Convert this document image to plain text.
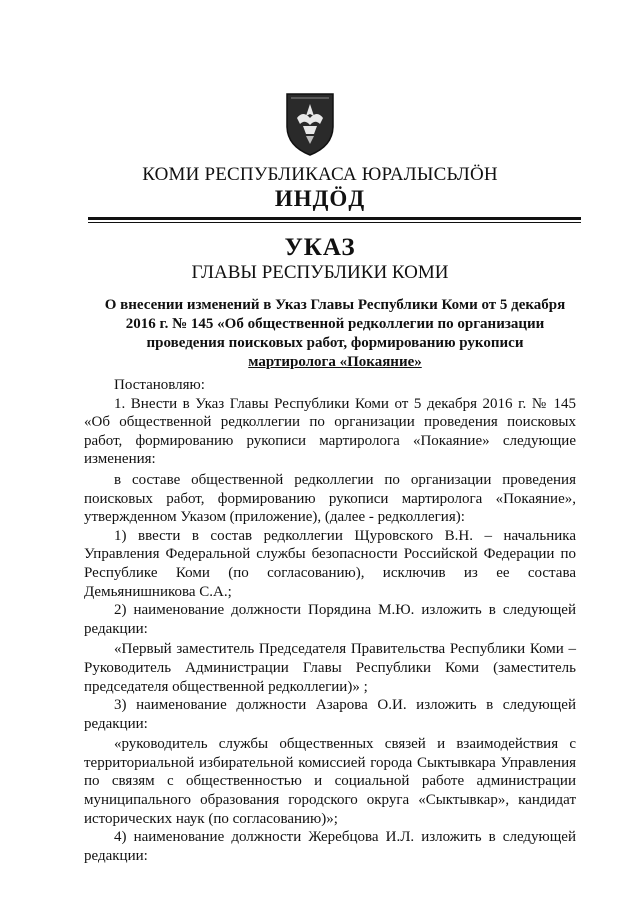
КОМИ РЕСПУБЛИКАСА ЮРАЛЫСЬЛÖН
ИНДÖД
УКАЗ
ГЛАВЫ РЕСПУБЛИКИ КОМИ
О внесении изменений в Указ Главы Республики Коми от 5 декабря 2016 г. № 145 «Об общественной редколлегии по организации проведения поисковых работ, формированию рукописи
мартиролога «Покаяние»

Постановляю:

1. Внести в Указ Главы Республики Коми от 5 декабря 2016 г. № 145 «Об общественной редколлегии по организации проведения поисковых работ, формированию рукописи мартиролога «Покаяние» следующие изменения:

в составе общественной редколлегии по организации проведения поисковых работ, формированию рукописи мартиролога «Покаяние», утвержденном Указом (приложение), (далее - редколлегия):

1) ввести в состав редколлегии Щуровского В.Н. – начальника Управления Федеральной службы безопасности Российской Федерации по Республике Коми (по согласованию), исключив из ее состава Демьянишникова С.А.;

2) наименование должности Порядина М.Ю. изложить в следующей редакции:

«Первый заместитель Председателя Правительства Республики Коми – Руководитель Администрации Главы Республики Коми (заместитель председателя общественной редколлегии)» ;

3) наименование должности Азарова О.И. изложить в следующей редакции:

«руководитель службы общественных связей и взаимодействия с территориальной избирательной комиссией города Сыктывкара Управления по связям с общественностью и социальной работе администрации муниципального образования городского округа «Сыктывкар», кандидат исторических наук (по согласованию)»;

4) наименование должности Жеребцова И.Л. изложить в следующей редакции:
